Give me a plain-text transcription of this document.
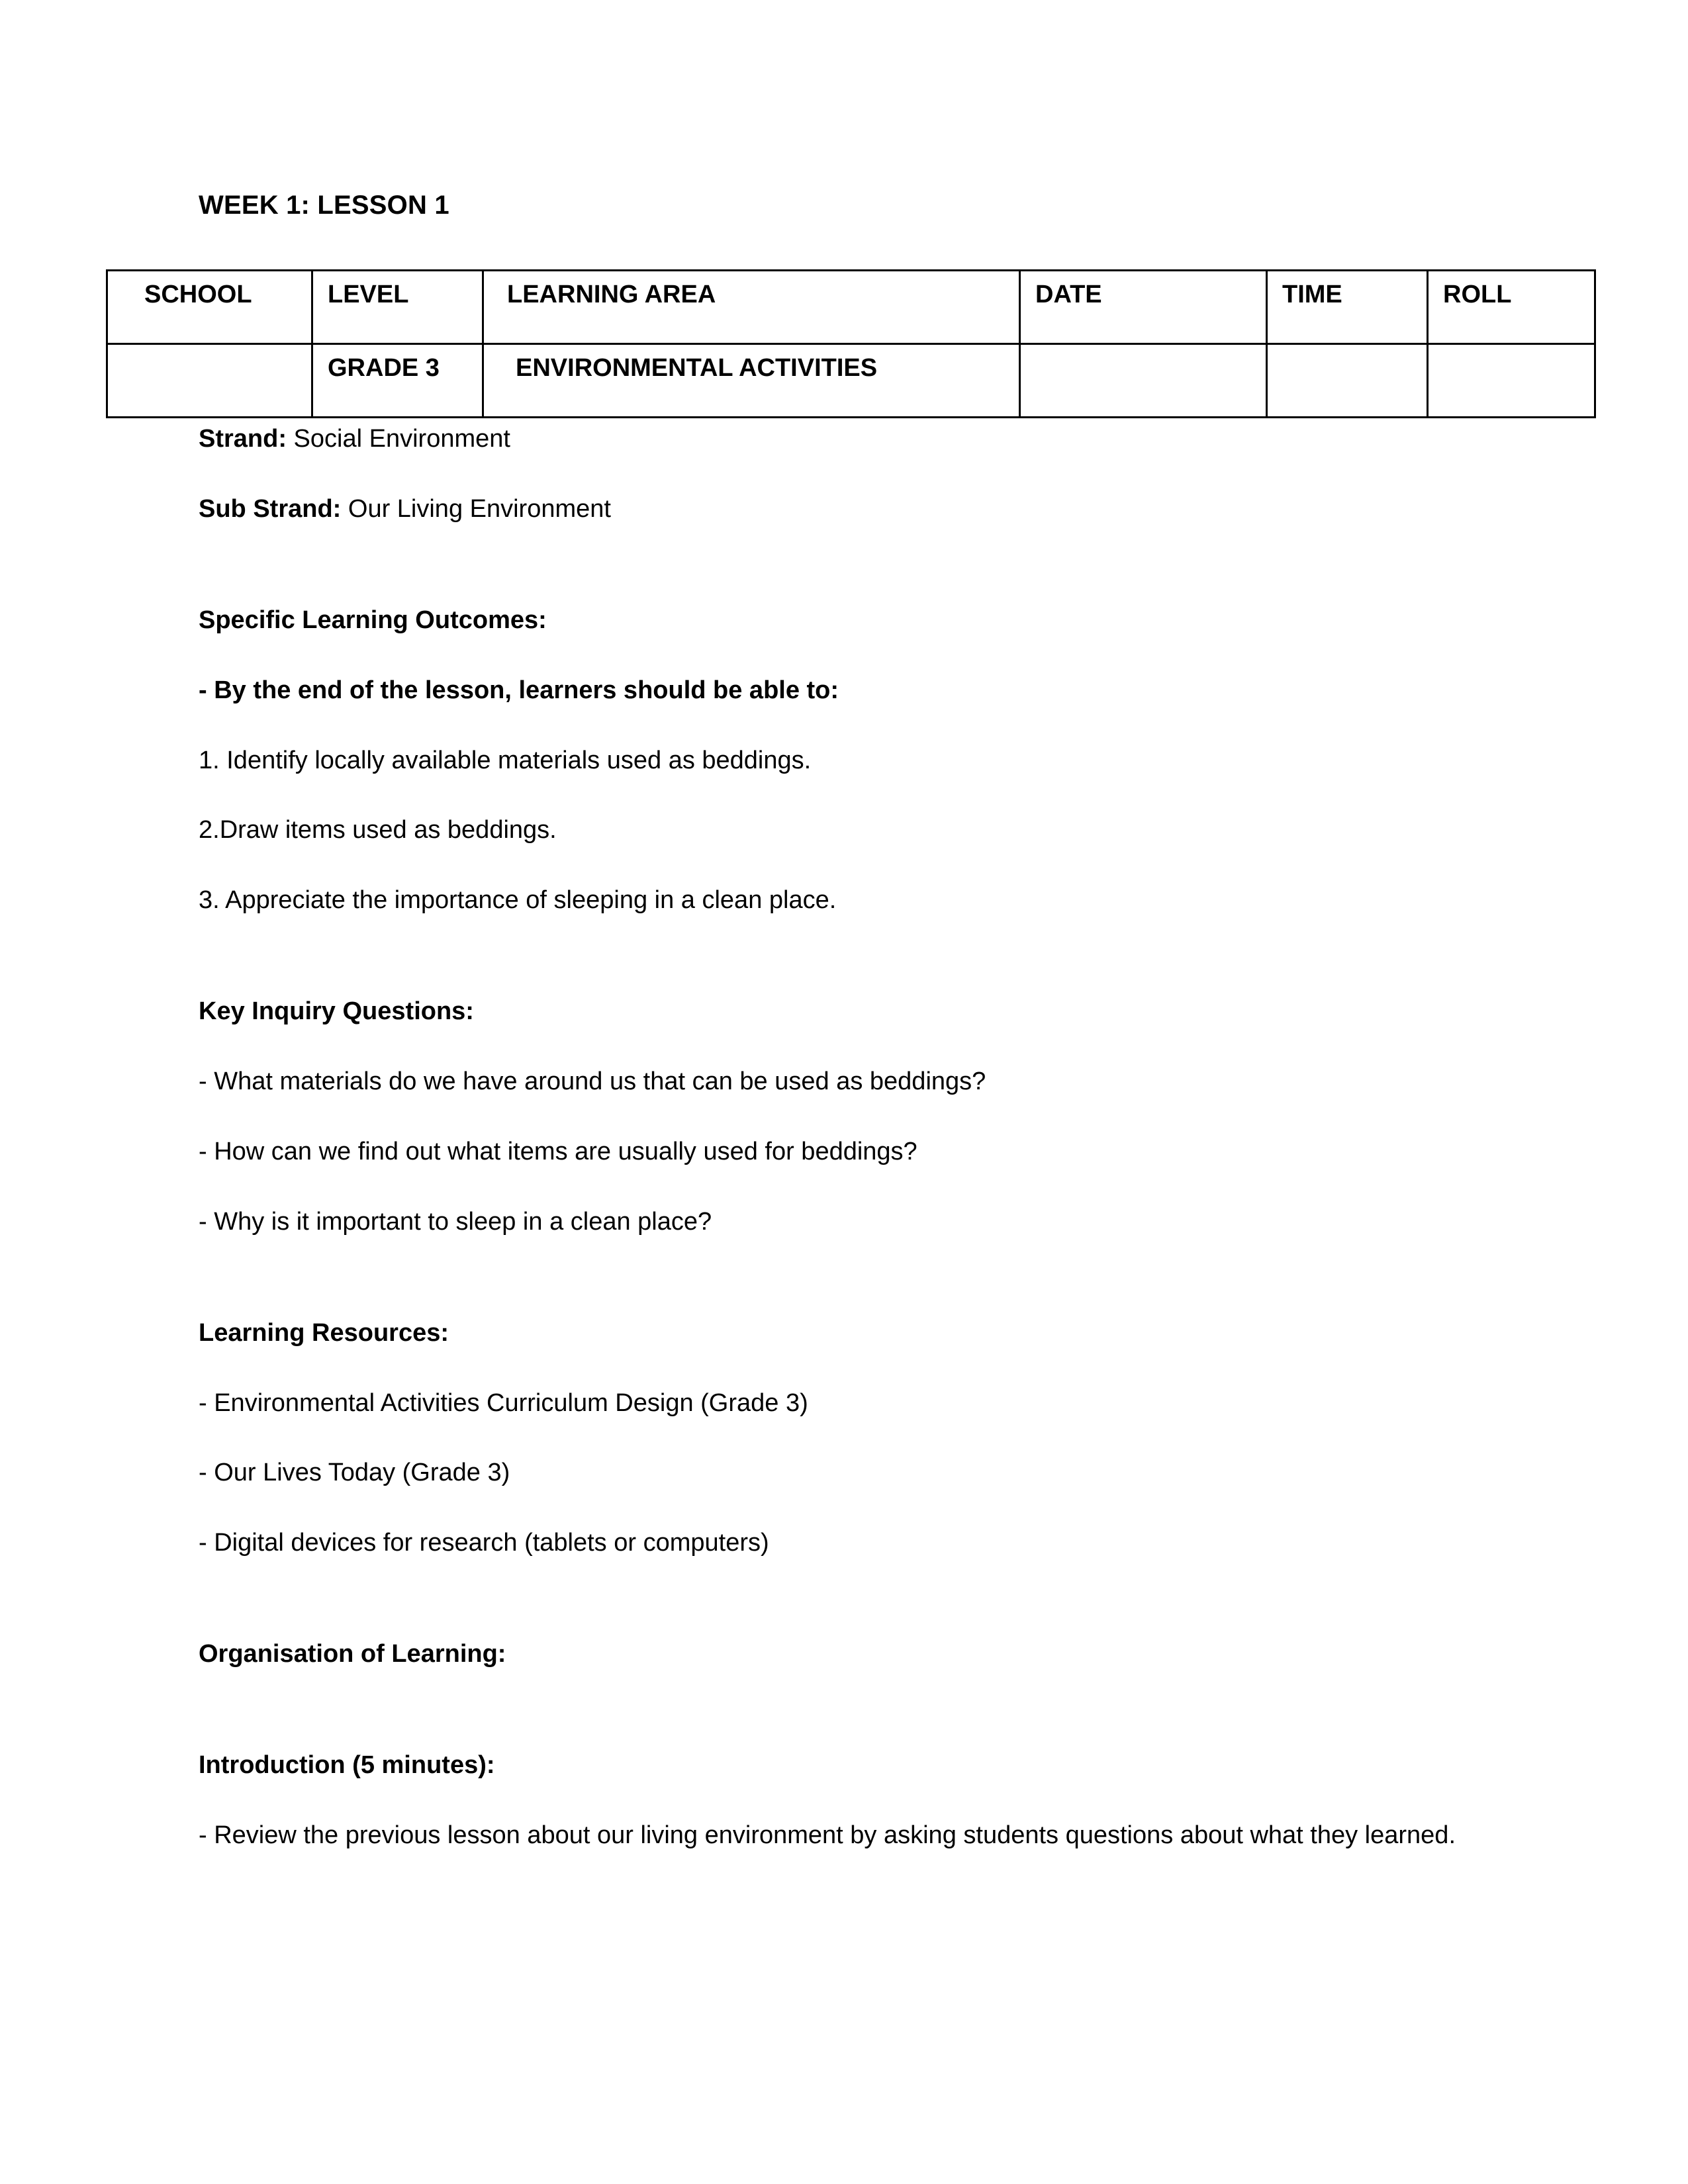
WEEK 1: LESSON 1
SCHOOL	LEVEL	LEARNING AREA	DATE	TIME	ROLL

	GRADE 3	ENVIRONMENTAL ACTIVITIES			

Strand: Social Environment

Sub Strand: Our Living Environment

Specific Learning Outcomes:

- By the end of the lesson, learners should be able to:

1. Identify locally available materials used as beddings.

2.Draw items used as beddings.

3. Appreciate the importance of sleeping in a clean place.

Key Inquiry Questions:

- What materials do we have around us that can be used as beddings?

- How can we find out what items are usually used for beddings?

- Why is it important to sleep in a clean place?

Learning Resources:

- Environmental Activities Curriculum Design (Grade 3)

- Our Lives Today (Grade 3)

- Digital devices for research (tablets or computers)

Organisation of Learning:

Introduction (5 minutes):

- Review the previous lesson about our living environment by asking students questions about what they learned.
